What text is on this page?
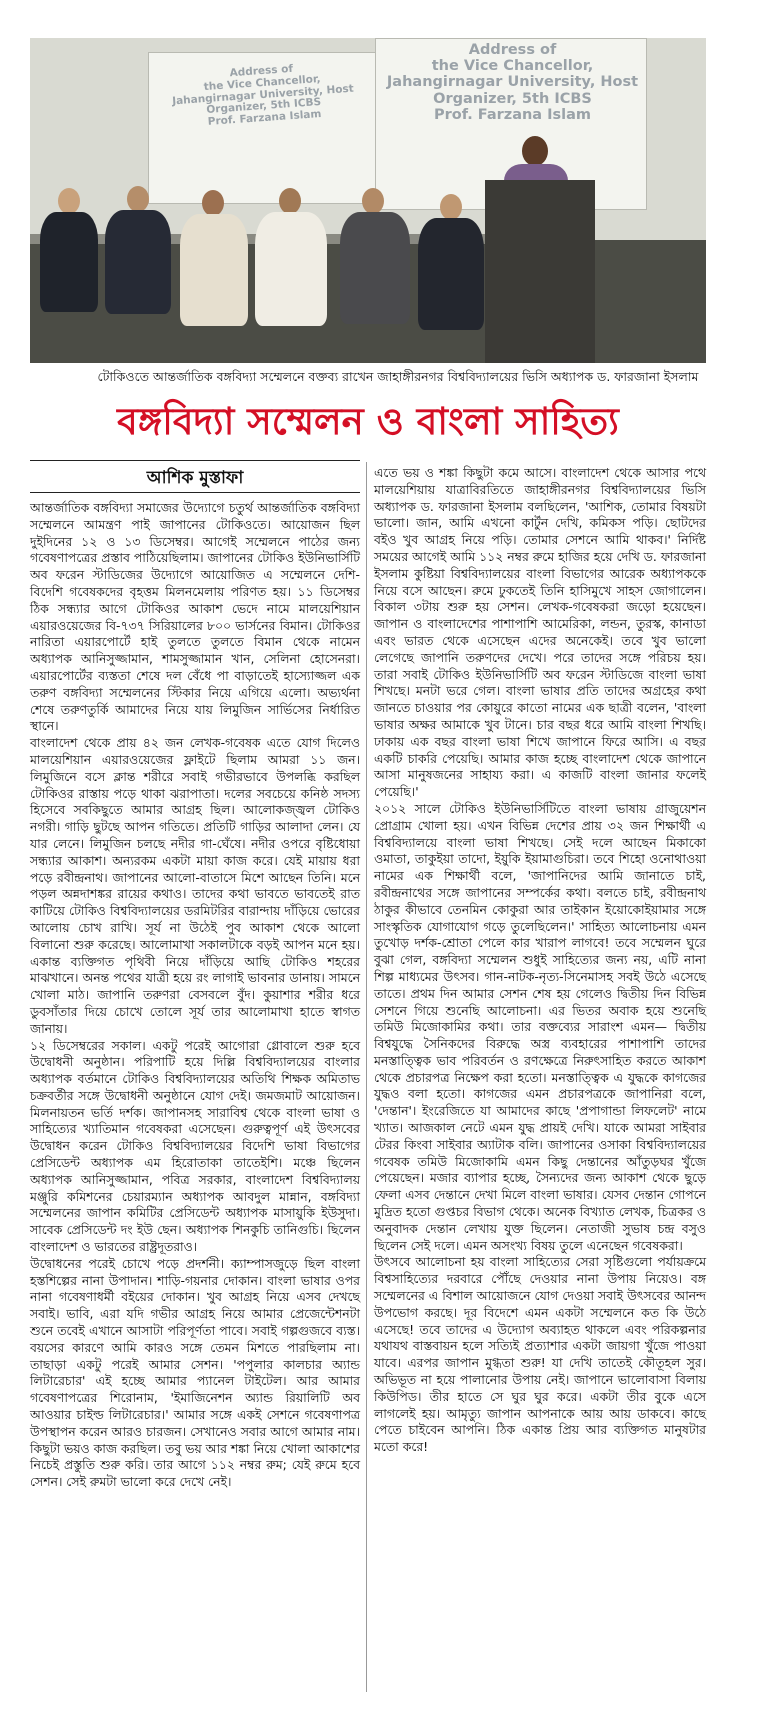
Address of
the Vice Chancellor,
Jahangirnagar University, Host
Organizer, 5th ICBS
Prof. Farzana Islam
Address of
the Vice Chancellor,
Jahangirnagar University, Host
Organizer, 5th ICBS
Prof. Farzana Islam
টোকিওতে আন্তর্জাতিক বঙ্গবিদ্যা সম্মেলনে বক্তব্য রাখেন জাহাঙ্গীরনগর বিশ্ববিদ্যালয়ের ভিসি অধ্যাপক ড. ফারজানা ইসলাম
বঙ্গবিদ্যা সম্মেলন ও বাংলা সাহিত্য
আশিক মুস্তাফা

আন্তর্জাতিক বঙ্গবিদ্যা সমাজের উদ্যোগে চতুর্থ আন্তর্জাতিক বঙ্গবিদ্যা সম্মেলনে আমন্ত্রণ পাই জাপানের টোকিওতে। আয়োজন ছিল দুইদিনের ১২ ও ১৩ ডিসেম্বর। আগেই সম্মেলনে পাঠের জন্য গবেষণাপত্রের প্রস্তাব পাঠিয়েছিলাম। জাপানের টোকিও ইউনিভার্সিটি অব ফরেন স্টাডিজের উদ্যোগে আয়োজিত এ সম্মেলনে দেশি-বিদেশি গবেষকদের বৃহত্তম মিলনমেলায় পরিণত হয়। ১১ ডিসেম্বর ঠিক সন্ধ্যার আগে টোকিওর আকাশ ভেদে নামে মালয়েশিয়ান এয়ারওয়েজের বি-৭৩৭ সিরিয়ালের ৮০০ ভার্সনের বিমান। টোকিওর নারিতা এয়ারপোর্টে হাই তুলতে তুলতে বিমান থেকে নামেন অধ্যাপক আনিসুজ্জামান, শামসুজ্জামান খান, সেলিনা হোসেনরা। এয়ারপোর্টের ব্যস্ততা শেষে দল বেঁধে পা বাড়াতেই হাস্যোজ্জল এক তরুণ বঙ্গবিদ্যা সম্মেলনের স্টিকার নিয়ে এগিয়ে এলো। অভ্যর্থনা শেষে তরুণতুর্কি আমাদের নিয়ে যায় লিমুজিন সার্ভিসের নির্ধারিত স্থানে।

বাংলাদেশ থেকে প্রায় ৪২ জন লেখক-গবেষক এতে যোগ দিলেও মালয়েশিয়ান এয়ারওয়েজের ফ্লাইটে ছিলাম আমরা ১১ জন। লিমুজিনে বসে ক্লান্ত শরীরে সবাই গভীরভাবে উপলব্ধি করছিল টোকিওর রাস্তায় পড়ে থাকা ঝরাপাতা। দলের সবচেয়ে কনিষ্ঠ সদস্য হিসেবে সবকিছুতে আমার আগ্রহ ছিল। আলোকজ্জ্বল টোকিও নগরী। গাড়ি ছুটছে আপন গতিতে। প্রতিটি গাড়ির আলাদা লেন। যে যার লেনে। লিমুজিন চলছে নদীর গা-ঘেঁষে। নদীর ওপরে বৃষ্টিধোয়া সন্ধ্যার আকাশ। অন্যরকম একটা মায়া কাজ করে। যেই মায়ায় ধরা পড়ে রবীন্দ্রনাথ। জাপানের আলো-বাতাসে মিশে আছেন তিনি। মনে পড়ল অন্নদাশঙ্কর রায়ের কথাও। তাদের কথা ভাবতে ভাবতেই রাত কাটিয়ে টোকিও বিশ্ববিদ্যালয়ের ডরমিটরির বারান্দায় দাঁড়িয়ে ভোরের আলোয় চোখ রাখি। সূর্য না উঠেই পুব আকাশ থেকে আলো বিলানো শুরু করেছে। আলোমাখা সকালটাকে বড়ই আপন মনে হয়। একান্ত ব্যক্তিগত পৃথিবী নিয়ে দাঁড়িয়ে আছি টোকিও শহরের মাঝখানে। অনন্ত পথের যাত্রী হয়ে রং লাগাই ভাবনার ডানায়। সামনে খোলা মাঠ। জাপানি তরুণরা বেসবলে বুঁদ। কুয়াশার শরীর ধরে ডুবসাঁতার দিয়ে চোখে তোলে সূর্য তার আলোমাখা হাতে স্বাগত জানায়।

১২ ডিসেম্বরের সকাল। একটু পরেই আগোরা গ্লোবালে শুরু হবে উদ্বোধনী অনুষ্ঠান। পরিপাটি হয়ে দিল্লি বিশ্ববিদ্যালয়ের বাংলার অধ্যাপক বর্তমানে টোকিও বিশ্ববিদ্যালয়ের অতিথি শিক্ষক অমিতাভ চক্রবর্তীর সঙ্গে উদ্বোধনী অনুষ্ঠানে যোগ দেই। জমজমাট আয়োজন। মিলনায়তন ভর্তি দর্শক। জাপানসহ সারাবিশ্ব থেকে বাংলা ভাষা ও সাহিত্যের খ্যাতিমান গবেষকরা এসেছেন। গুরুত্বপূর্ণ এই উৎসবের উদ্বোধন করেন টোকিও বিশ্ববিদ্যালয়ের বিদেশি ভাষা বিভাগের প্রেসিডেন্ট অধ্যাপক এম হিরোতাকা তাতেইশি। মঞ্চে ছিলেন অধ্যাপক আনিসুজ্জামান, পবিত্র সরকার, বাংলাদেশ বিশ্ববিদ্যালয় মঞ্জুরি কমিশনের চেয়ারম্যান অধ্যাপক আবদুল মান্নান, বঙ্গবিদ্যা সম্মেলনের জাপান কমিটির প্রেসিডেন্ট অধ্যাপক মাসায়ুকি ইউসুদা। সাবেক প্রেসিডেন্ট দং ইউ ছেন। অধ্যাপক শিনকুচি তানিগুচি। ছিলেন বাংলাদেশ ও ভারতের রাষ্ট্রদূতরাও।

উদ্বোধনের পরেই চোখে পড়ে প্রদর্শনী। ক্যাম্পাসজুড়ে ছিল বাংলা হস্তশিল্পের নানা উপাদান। শাড়ি-গয়নার দোকান। বাংলা ভাষার ওপর নানা গবেষণাধর্মী বইয়ের দোকান। খুব আগ্রহ নিয়ে এসব দেখছে সবাই। ভাবি, এরা যদি গভীর আগ্রহ নিয়ে আমার প্রেজেন্টেশনটা শুনে তবেই এখানে আসাটা পরিপূর্ণতা পাবে। সবাই গল্পগুজবে ব্যস্ত। বয়সের কারণে আমি কারও সঙ্গে তেমন মিশতে পারছিলাম না। তাছাড়া একটু পরেই আমার সেশন। 'পপুলার কালচার অ্যান্ড লিটারেচার' এই হচ্ছে আমার প্যানেল টাইটেল। আর আমার গবেষণাপত্রের শিরোনাম, 'ইমাজিনেশন অ্যান্ড রিয়ালিটি অব আওয়ার চাইল্ড লিটারেচার।' আমার সঙ্গে একই সেশনে গবেষণাপত্র উপস্থাপন করেন আরও চারজন। সেখানেও সবার আগে আমার নাম। কিছুটা ভয়ও কাজ করছিল। তবু ভয় আর শঙ্কা নিয়ে খোলা আকাশের নিচেই প্রস্তুতি শুরু করি। তার আগে ১১২ নম্বর রুম; যেই রুমে হবে সেশন। সেই রুমটা ভালো করে দেখে নেই।

এতে ভয় ও শঙ্কা কিছুটা কমে আসে। বাংলাদেশ থেকে আসার পথে মালয়েশিয়ায় যাত্রাবিরতিতে জাহাঙ্গীরনগর বিশ্ববিদ্যালয়ের ভিসি অধ্যাপক ড. ফারজানা ইসলাম বলছিলেন, 'আশিক, তোমার বিষয়টা ভালো। জান, আমি এখনো কার্টুন দেখি, কমিকস পড়ি। ছোটদের বইও খুব আগ্রহ নিয়ে পড়ি। তোমার সেশনে আমি থাকব।' নির্দিষ্ট সময়ের আগেই আমি ১১২ নম্বর রুমে হাজির হয়ে দেখি ড. ফারজানা ইসলাম কুষ্টিয়া বিশ্ববিদ্যালয়ের বাংলা বিভাগের আরেক অধ্যাপককে নিয়ে বসে আছেন। রুমে ঢুকতেই তিনি হাসিমুখে সাহস জোগালেন। বিকাল ৩টায় শুরু হয় সেশন। লেখক-গবেষকরা জড়ো হয়েছেন। জাপান ও বাংলাদেশের পাশাপাশি আমেরিকা, লন্ডন, তুরস্ক, কানাডা এবং ভারত থেকে এসেছেন এদের অনেকেই। তবে খুব ভালো লেগেছে জাপানি তরুণদের দেখে। পরে তাদের সঙ্গে পরিচয় হয়। তারা সবাই টোকিও ইউনিভার্সিটি অব ফরেন স্টাডিজে বাংলা ভাষা শিখছে। মনটা ভরে গেল। বাংলা ভাষার প্রতি তাদের অগ্রহের কথা জানতে চাওয়ার পর কোয়ুরে কাতো নামের এক ছাত্রী বলেন, 'বাংলা ভাষার অক্ষর আমাকে খুব টানে। চার বছর ধরে আমি বাংলা শিখছি। ঢাকায় এক বছর বাংলা ভাষা শিখে জাপানে ফিরে আসি। এ বছর একটি চাকরি পেয়েছি। আমার কাজ হচ্ছে বাংলাদেশ থেকে জাপানে আসা মানুষজনের সাহায্য করা। এ কাজটি বাংলা জানার ফলেই পেয়েছি।'

২০১২ সালে টোকিও ইউনিভার্সিটিতে বাংলা ভাষায় গ্রাজুয়েশন প্রোগ্রাম খোলা হয়। এখন বিভিন্ন দেশের প্রায় ৩২ জন শিক্ষার্থী এ বিশ্ববিদ্যালয়ে বাংলা ভাষা শিখছে। সেই দলে আছেন মিকাকো ওমাতা, তাকুইয়া তাদো, ইয়ুকি ইয়ামাগুচিরা। তবে শিহো ওনোথাওয়া নামের এক শিক্ষার্থী বলে, 'জাপানিদের আমি জানাতে চাই, রবীন্দ্রনাথের সঙ্গে জাপানের সম্পর্কের কথা। বলতে চাই, রবীন্দ্রনাথ ঠাকুর কীভাবে তেনমিন কোকুরা আর তাইকান ইয়োকোইয়ামার সঙ্গে সাংস্কৃতিক যোগাযোগ গড়ে তুলেছিলেন।' সাহিত্য আলোচনায় এমন তুখোড় দর্শক-শ্রোতা পেলে কার খারাপ লাগবে! তবে সম্মেলন ঘুরে বুঝা গেল, বঙ্গবিদ্যা সম্মেলন শুধুই সাহিত্যের জন্য নয়, এটি নানা শিল্প মাধ্যমের উৎসব। গান-নাটক-নৃত্য-সিনেমাসহ সবই উঠে এসেছে তাতে। প্রথম দিন আমার সেশন শেষ হয় গেলেও দ্বিতীয় দিন বিভিন্ন সেশনে গিয়ে শুনেছি আলোচনা। এর ভিতর অবাক হয়ে শুনেছি তমিউ মিজোকামির কথা। তার বক্তব্যের সারাংশ এমন— দ্বিতীয় বিশ্বযুদ্ধে সৈনিকদের বিরুদ্ধে অস্ত্র ব্যবহারের পাশাপাশি তাদের মনস্তাত্ত্বিক ভাব পরিবর্তন ও রণক্ষেত্রে নিরুৎসাহিত করতে আকাশ থেকে প্রচারপত্র নিক্ষেপ করা হতো। মনস্তাত্ত্বিক এ যুদ্ধকে কাগজের যুদ্ধও বলা হতো। কাগজের এমন প্রচারপত্রকে জাপানিরা বলে, 'দেন্তান'। ইংরেজিতে যা আমাদের কাছে 'প্রপাগান্ডা লিফলেট' নামে খ্যাত। আজকাল নেটে এমন যুদ্ধ প্রায়ই দেখি। যাকে আমরা সাইবার টেরর কিংবা সাইবার অ্যাটাক বলি। জাপানের ওসাকা বিশ্ববিদ্যালয়ের গবেষক তমিউ মিজোকামি এমন কিছু দেন্তানের আঁতুড়ঘর খুঁজে পেয়েছেন। মজার ব্যাপার হচ্ছে, সৈন্যদের জন্য আকাশ থেকে ছুড়ে ফেলা এসব দেন্তানে দেখা মিলে বাংলা ভাষার। যেসব দেন্তান গোপনে মুদ্রিত হতো গুপ্তচর বিভাগ থেকে। অনেক বিখ্যাত লেখক, চিত্রকর ও অনুবাদক দেন্তান লেখায় যুক্ত ছিলেন। নেতাজী সুভাষ চন্দ্র বসুও ছিলেন সেই দলে। এমন অসংখ্য বিষয় তুলে এনেছেন গবেষকরা।

উৎসবে আলোচনা হয় বাংলা সাহিত্যের সেরা সৃষ্টিগুলো পর্যায়ক্রমে বিশ্বসাহিত্যের দরবারে পৌঁছে দেওয়ার নানা উপায় নিয়েও। বঙ্গ সম্মেলনের এ বিশাল আয়োজনে যোগ দেওয়া সবাই উৎসবের আনন্দ উপভোগ করছে। দূর বিদেশে এমন একটা সম্মেলনে কত কি উঠে এসেছে! তবে তাদের এ উদ্যোগ অব্যাহত থাকলে এবং পরিকল্পনার যথাযথ বাস্তবায়ন হলে সত্যিই প্রত্যাশার একটা জায়গা খুঁজে পাওয়া যাবে। এরপর জাপান মুগ্ধতা শুরু! যা দেখি তাতেই কৌতূহল সুর। অভিভূত না হয়ে পালানোর উপায় নেই। জাপানে ভালোবাসা বিলায় কিউপিড। তীর হাতে সে ঘুর ঘুর করে। একটা তীর বুকে এসে লাগলেই হয়। আমৃত্যু জাপান আপনাকে আয় আয় ডাকবে। কাছে পেতে চাইবেন আপনি। ঠিক একান্ত প্রিয় আর ব্যক্তিগত মানুষটার মতো করে!
